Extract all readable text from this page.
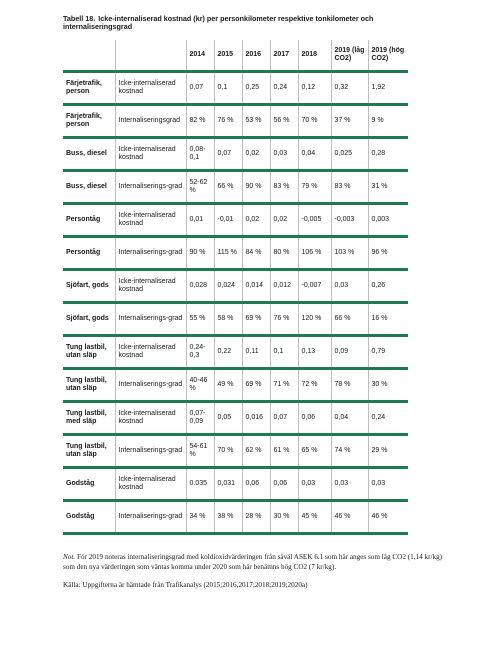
Tabell 18. Icke-internaliserad kostnad (kr) per personkilometer respektive tonkilometer och internaliseringsgrad
		2014	2015	2016	2017	2018	2019 (låg CO2)	2019 (hög CO2)
Färjetrafik, person	Icke-internaliserad kostnad	0,07	0,1	0,25	0,24	0,12	0,32	1,92
Färjetrafik, person	Internaliseringsgrad	82 %	76 %	53 %	56 %	70 %	37 %	9 %
Buss, diesel	Icke-internaliserad kostnad	0,08-0,1	0,07	0,02	0,03	0,04	0,025	0,28
Buss, diesel	Internaliserings-grad	52-62 %	66 %	90 %	83 %	79 %	83 %	31 %
Persontåg	Icke-internaliserad kostnad	0,01	-0,01	0,02	0,02	-0,005	-0,003	0,003
Persontåg	Internaliserings-grad	90 %	115 %	84 %	80 %	106 %	103 %	96 %
Sjöfart, gods	Icke-internaliserad kostnad	0,028	0,024	0,014	0,012	-0,007	0,03	0,26
Sjöfart, gods	Internaliserings-grad	55 %	58 %	69 %	76 %	120 %	66 %	16 %
Tung lastbil, utan släp	Icke-internaliserad kostnad	0,24-0,3	0,22	0,11	0,1	0,13	0,09	0,79
Tung lastbil, utan släp	Internaliserings-grad	40-46 %	49 %	69 %	71 %	72 %	78 %	30 %
Tung lastbil, med släp	Icke-internaliserad kostnad	0,07-0,09	0,05	0,016	0,07	0,06	0,04	0,24
Tung lastbil, utan släp	Internaliserings-grad	54-61 %	70 %	62 %	61 %	65 %	74 %	29 %
Godståg	Icke-internaliserad kostnad	0.035	0,031	0,06	0,06	0,03	0,03	0,03
Godståg	Internaliserings-grad	34 %	38 %	28 %	30 %	45 %	46 %	46 %

Not. För 2019 noteras internaliseringsgrad med koldioxidvärderingen från såväl ASEK 6.1 som här anges som låg CO2 (1,14 kr/kg) som den nya värderingen som väntas komma under 2020 som här benämns hög CO2 (7 kr/kg).

Källa: Uppgifterna är hämtade från Trafikanalys (2015;2016,2017;2018;2019;2020a)
